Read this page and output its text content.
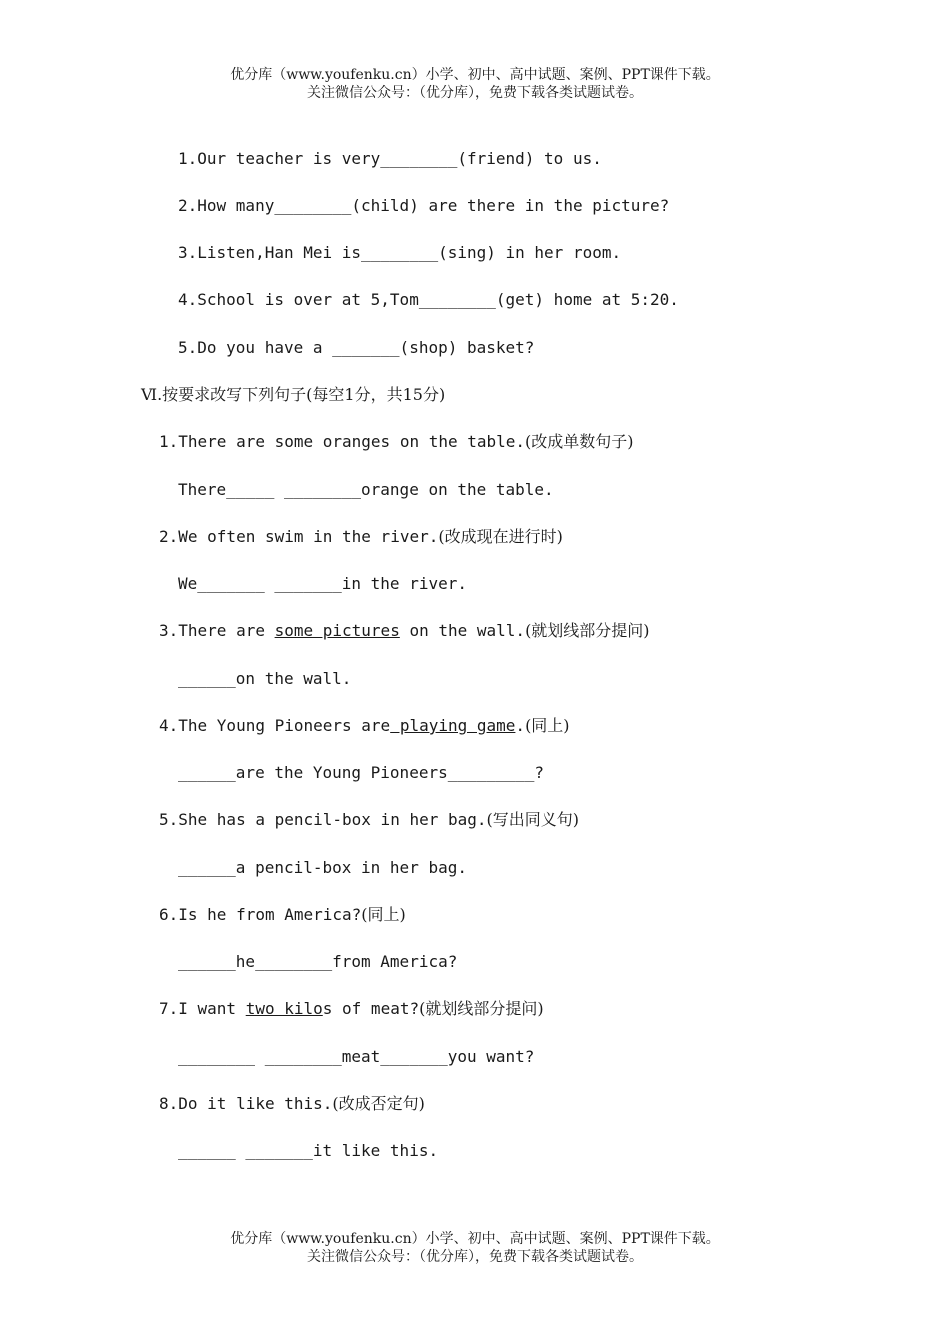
优分库（www.youfenku.cn）小学、初中、高中试题、案例、PPT课件下载。
关注微信公众号：（优分库），免费下载各类试题试卷。
1.Our teacher is very________(friend) to us.
2.How many________(child) are there in the picture?
3.Listen,Han Mei is________(sing) in her room.
4.School is over at 5,Tom________(get) home at 5:20.
5.Do you have a _______(shop) basket?
Ⅵ.按要求改写下列句子(每空1分，共15分)
1.There are some oranges on the table.(改成单数句子)
There_____ ________orange on the table.
2.We often swim in the river.(改成现在进行时)
We_______ _______in the river.
3.There are some pictures on the wall.(就划线部分提问)
______on the wall.
4.The Young Pioneers are playing game.(同上)
______are the Young Pioneers_________?
5.She has a pencil-box in her bag.(写出同义句)
______a pencil-box in her bag.
6.Is he from America?(同上)
______he________from America?
7.I want two kilos of meat?(就划线部分提问)
________ ________meat_______you want?
8.Do it like this.(改成否定句)
______ _______it like this.
优分库（www.youfenku.cn）小学、初中、高中试题、案例、PPT课件下载。
关注微信公众号：（优分库），免费下载各类试题试卷。
